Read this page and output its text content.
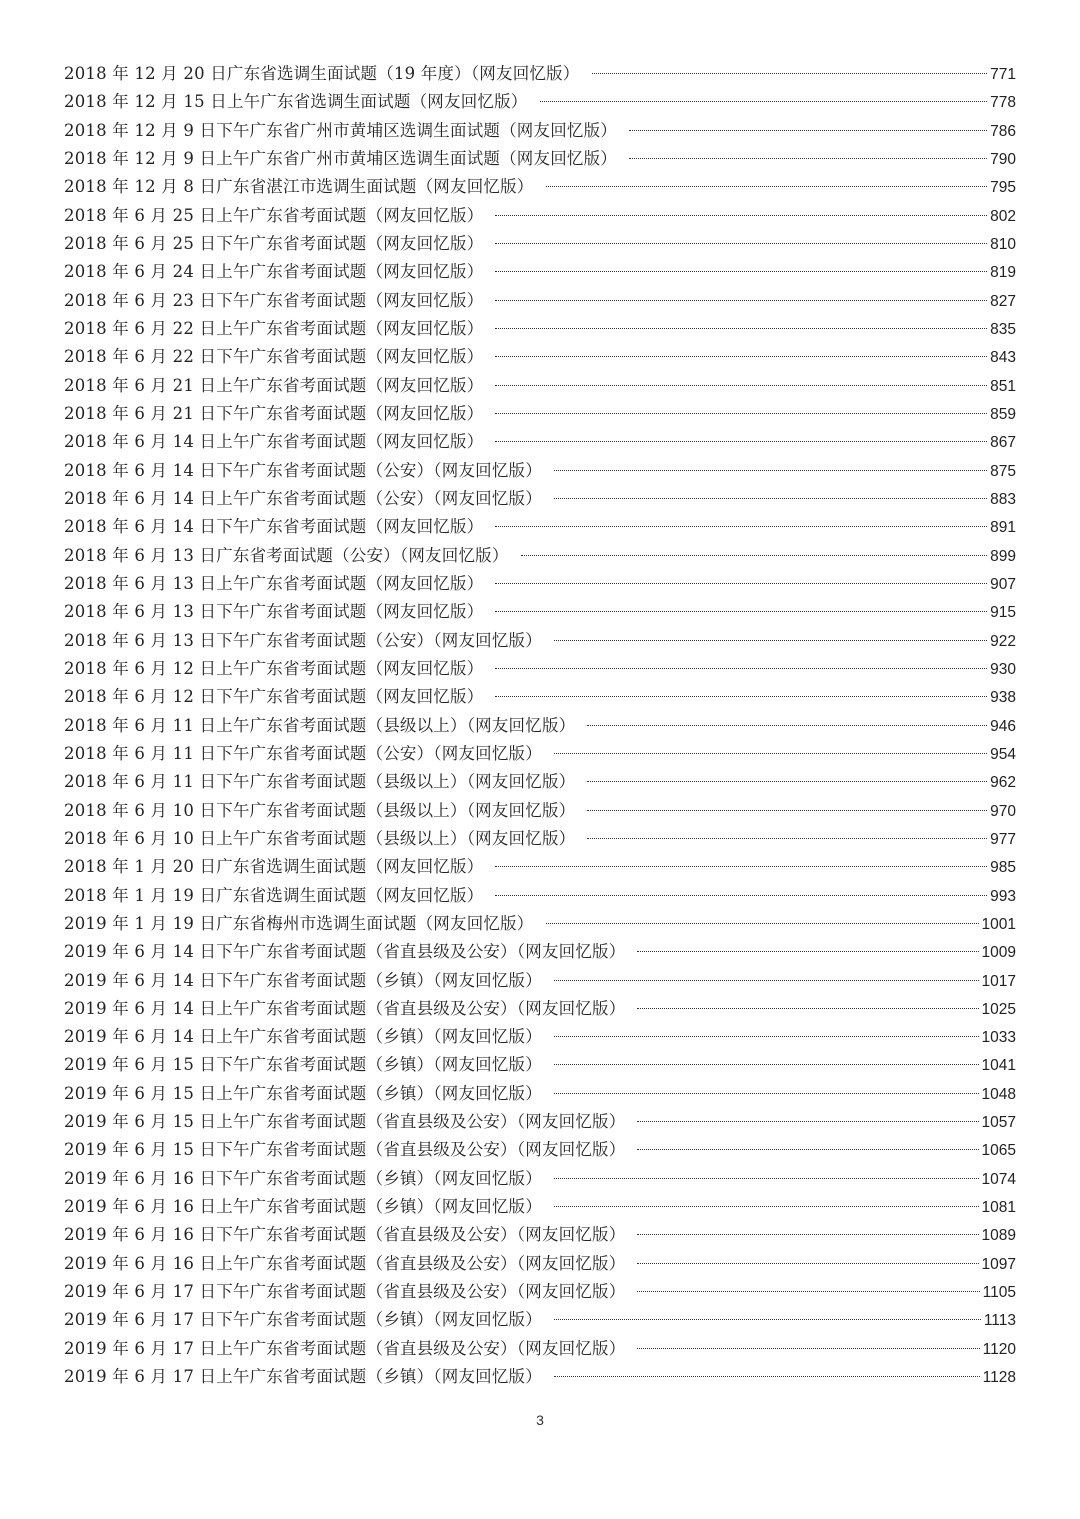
2018 年 12 月 20 日广东省选调生面试题（19 年度）（网友回忆版）	771
2018 年 12 月 15 日上午广东省选调生面试题（网友回忆版）	778
2018 年 12 月 9 日下午广东省广州市黄埔区选调生面试题（网友回忆版）	786
2018 年 12 月 9 日上午广东省广州市黄埔区选调生面试题（网友回忆版）	790
2018 年 12 月 8 日广东省湛江市选调生面试题（网友回忆版）	795
2018 年 6 月 25 日上午广东省考面试题（网友回忆版）	802
2018 年 6 月 25 日下午广东省考面试题（网友回忆版）	810
2018 年 6 月 24 日上午广东省考面试题（网友回忆版）	819
2018 年 6 月 23 日下午广东省考面试题（网友回忆版）	827
2018 年 6 月 22 日上午广东省考面试题（网友回忆版）	835
2018 年 6 月 22 日下午广东省考面试题（网友回忆版）	843
2018 年 6 月 21 日上午广东省考面试题（网友回忆版）	851
2018 年 6 月 21 日下午广东省考面试题（网友回忆版）	859
2018 年 6 月 14 日上午广东省考面试题（网友回忆版）	867
2018 年 6 月 14 日下午广东省考面试题（公安）（网友回忆版）	875
2018 年 6 月 14 日上午广东省考面试题（公安）（网友回忆版）	883
2018 年 6 月 14 日下午广东省考面试题（网友回忆版）	891
2018 年 6 月 13 日广东省考面试题（公安）（网友回忆版）	899
2018 年 6 月 13 日上午广东省考面试题（网友回忆版）	907
2018 年 6 月 13 日下午广东省考面试题（网友回忆版）	915
2018 年 6 月 13 日下午广东省考面试题（公安）（网友回忆版）	922
2018 年 6 月 12 日上午广东省考面试题（网友回忆版）	930
2018 年 6 月 12 日下午广东省考面试题（网友回忆版）	938
2018 年 6 月 11 日上午广东省考面试题（县级以上）（网友回忆版）	946
2018 年 6 月 11 日下午广东省考面试题（公安）（网友回忆版）	954
2018 年 6 月 11 日下午广东省考面试题（县级以上）（网友回忆版）	962
2018 年 6 月 10 日下午广东省考面试题（县级以上）（网友回忆版）	970
2018 年 6 月 10 日上午广东省考面试题（县级以上）（网友回忆版）	977
2018 年 1 月 20 日广东省选调生面试题（网友回忆版）	985
2018 年 1 月 19 日广东省选调生面试题（网友回忆版）	993
2019 年 1 月 19 日广东省梅州市选调生面试题（网友回忆版）	1001
2019 年 6 月 14 日下午广东省考面试题（省直县级及公安）（网友回忆版）	1009
2019 年 6 月 14 日下午广东省考面试题（乡镇）（网友回忆版）	1017
2019 年 6 月 14 日上午广东省考面试题（省直县级及公安）（网友回忆版）	1025
2019 年 6 月 14 日上午广东省考面试题（乡镇）（网友回忆版）	1033
2019 年 6 月 15 日下午广东省考面试题（乡镇）（网友回忆版）	1041
2019 年 6 月 15 日上午广东省考面试题（乡镇）（网友回忆版）	1048
2019 年 6 月 15 日上午广东省考面试题（省直县级及公安）（网友回忆版）	1057
2019 年 6 月 15 日下午广东省考面试题（省直县级及公安）（网友回忆版）	1065
2019 年 6 月 16 日下午广东省考面试题（乡镇）（网友回忆版）	1074
2019 年 6 月 16 日上午广东省考面试题（乡镇）（网友回忆版）	1081
2019 年 6 月 16 日下午广东省考面试题（省直县级及公安）（网友回忆版）	1089
2019 年 6 月 16 日上午广东省考面试题（省直县级及公安）（网友回忆版）	1097
2019 年 6 月 17 日下午广东省考面试题（省直县级及公安）（网友回忆版）	1105
2019 年 6 月 17 日下午广东省考面试题（乡镇）（网友回忆版）	1113
2019 年 6 月 17 日上午广东省考面试题（省直县级及公安）（网友回忆版）	1120
2019 年 6 月 17 日上午广东省考面试题（乡镇）（网友回忆版）	1128
3
